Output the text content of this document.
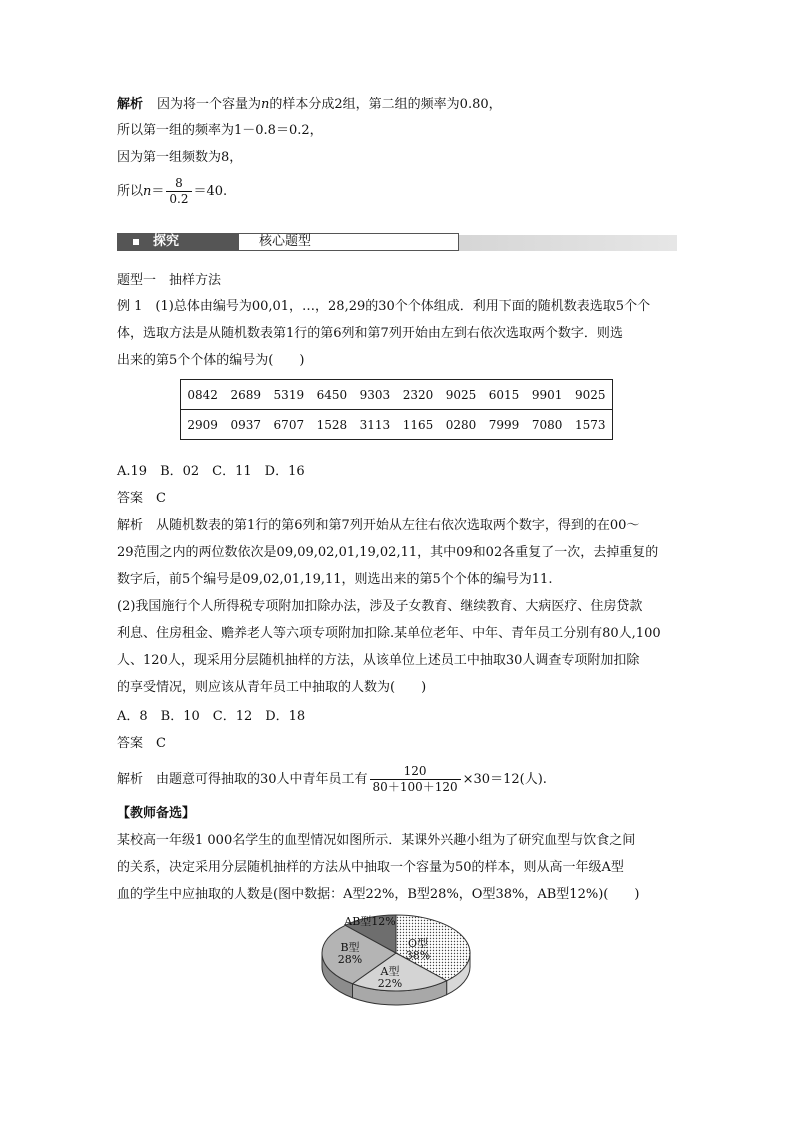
解析 因为将一个容量为n的样本分成2组，第二组的频率为0.80，
所以第一组的频率为1－0.8＝0.2，
因为第一组频数为8，
所以$n= \frac{8}{0.2} =40$.
探究	核心题型
题型一　抽样方法
例 1　(1)总体由编号为00,01，…，28,29的30个个体组成．利用下面的随机数表选取5个个
体，选取方法是从随机数表第1行的第6列和第7列开始由左到右依次选取两个数字．则选
出来的第5个个体的编号为(　　)
0842	2689	5319	6450	9303	2320	9025	6015	9901	9025
2909	0937	6707	1528	3113	1165	0280	7999	7080	1573
A.19　B．02　C．11　D．16
答案　C
解析　从随机数表的第1行的第6列和第7列开始从左往右依次选取两个数字，得到的在00～
29范围之内的两位数依次是09,09,02,01,19,02,11，其中09和02各重复了一次，去掉重复的
数字后，前5个编号是09,02,01,19,11，则选出来的第5个个体的编号为11.
(2)我国施行个人所得税专项附加扣除办法，涉及子女教育、继续教育、大病医疗、住房贷款
利息、住房租金、赡养老人等六项专项附加扣除.某单位老年、中年、青年员工分别有80人,100
人、120人，现采用分层随机抽样的方法，从该单位上述员工中抽取30人调查专项附加扣除
的享受情况，则应该从青年员工中抽取的人数为(　　)
A．8　B．10　C．12　D．18
答案　C
解析　由题意可得抽取的30人中青年员工有 $\frac{120}{80+100+120} \times 30=12$(人).
【教师备选】
某校高一年级1 000名学生的血型情况如图所示．某课外兴趣小组为了研究血型与饮食之间
的关系，决定采用分层随机抽样的方法从中抽取一个容量为50的样本，则从高一年级A型
血的学生中应抽取的人数是(图中数据：A型22%，B型28%，O型38%，AB型12%)(　　)
O型
38%
A型
22%
B型
28%
AB型12%
